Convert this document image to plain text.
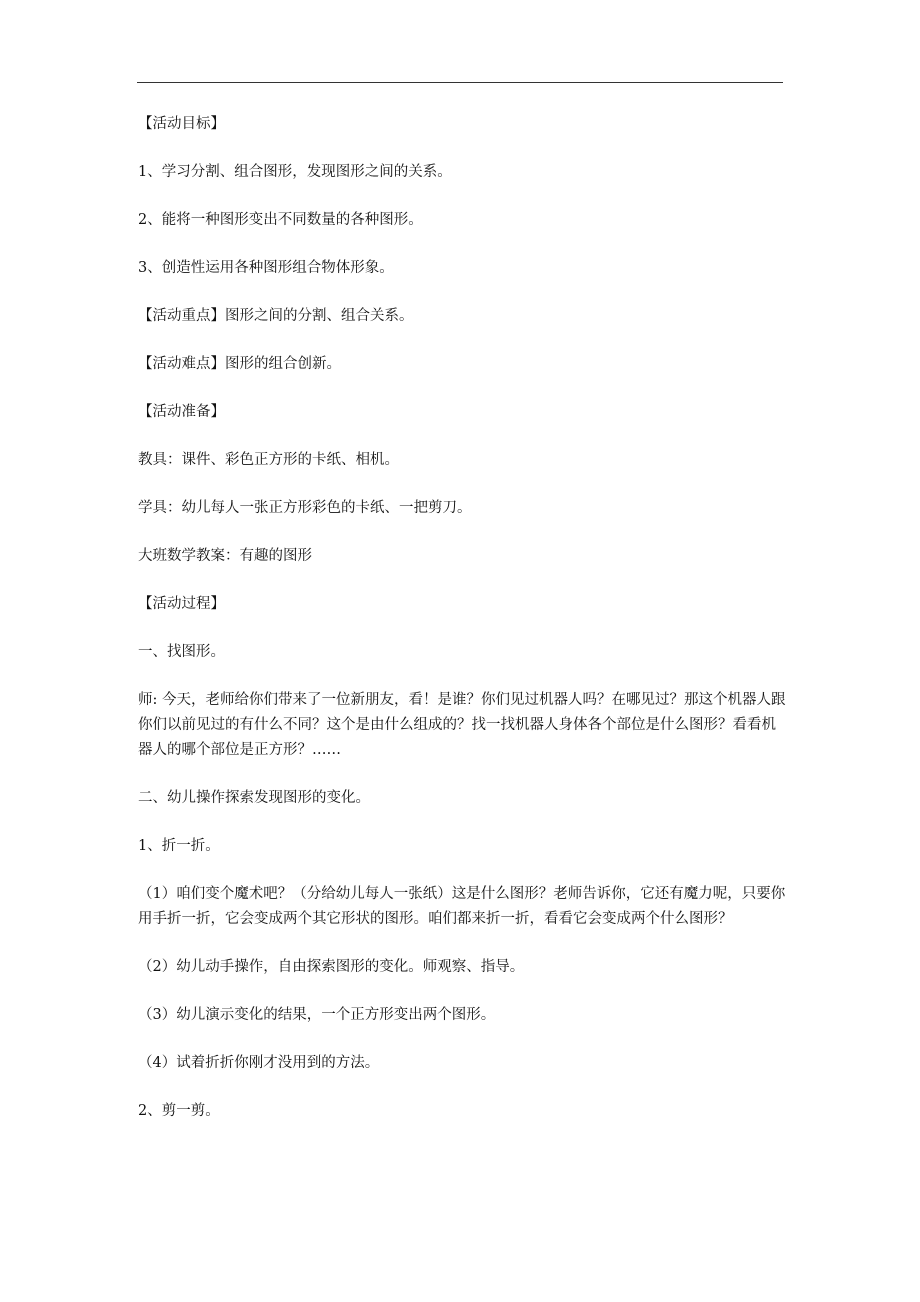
【活动目标】

1、学习分割、组合图形，发现图形之间的关系。

2、能将一种图形变出不同数量的各种图形。

3、创造性运用各种图形组合物体形象。

【活动重点】图形之间的分割、组合关系。

【活动难点】图形的组合创新。

【活动准备】

教具：课件、彩色正方形的卡纸、相机。

学具：幼儿每人一张正方形彩色的卡纸、一把剪刀。

大班数学教案：有趣的图形

【活动过程】

一、找图形。

师: 今天，老师给你们带来了一位新朋友，看！是谁？你们见过机器人吗？在哪见过？那这个机器人跟你们以前见过的有什么不同？这个是由什么组成的？找一找机器人身体各个部位是什么图形？看看机器人的哪个部位是正方形？……

二、幼儿操作探索发现图形的变化。

1、折一折。

（1）咱们变个魔术吧？（分给幼儿每人一张纸）这是什么图形？老师告诉你，它还有魔力呢，只要你用手折一折，它会变成两个其它形状的图形。咱们都来折一折，看看它会变成两个什么图形？

（2）幼儿动手操作，自由探索图形的变化。师观察、指导。

（3）幼儿演示变化的结果，一个正方形变出两个图形。

（4）试着折折你刚才没用到的方法。

2、剪一剪。
